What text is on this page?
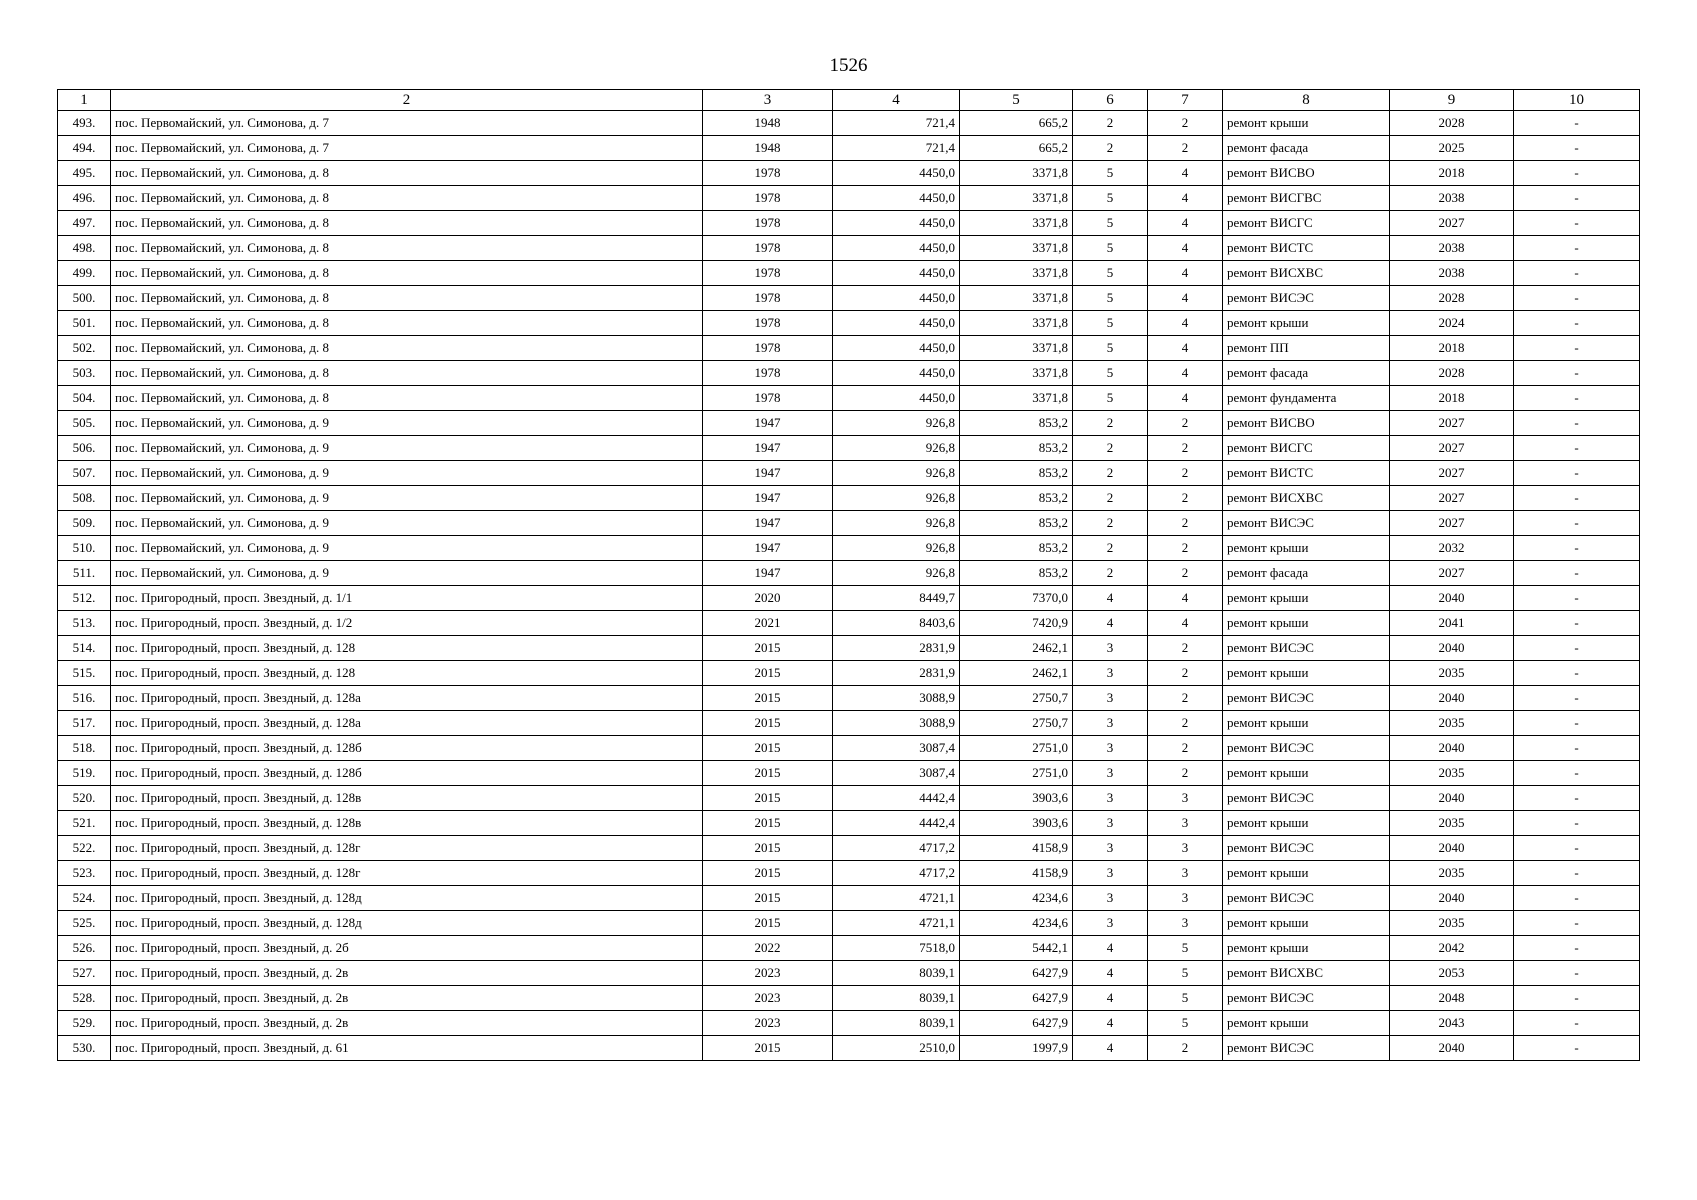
1526
1	2	3	4	5	6	7	8	9	10
493.	пос. Первомайский, ул. Симонова, д. 7	1948	721,4	665,2	2	2	ремонт крыши	2028	-
494.	пос. Первомайский, ул. Симонова, д. 7	1948	721,4	665,2	2	2	ремонт фасада	2025	-
495.	пос. Первомайский, ул. Симонова, д. 8	1978	4450,0	3371,8	5	4	ремонт ВИСВО	2018	-
496.	пос. Первомайский, ул. Симонова, д. 8	1978	4450,0	3371,8	5	4	ремонт ВИСГВС	2038	-
497.	пос. Первомайский, ул. Симонова, д. 8	1978	4450,0	3371,8	5	4	ремонт ВИСГС	2027	-
498.	пос. Первомайский, ул. Симонова, д. 8	1978	4450,0	3371,8	5	4	ремонт ВИСТС	2038	-
499.	пос. Первомайский, ул. Симонова, д. 8	1978	4450,0	3371,8	5	4	ремонт ВИСХВС	2038	-
500.	пос. Первомайский, ул. Симонова, д. 8	1978	4450,0	3371,8	5	4	ремонт ВИСЭС	2028	-
501.	пос. Первомайский, ул. Симонова, д. 8	1978	4450,0	3371,8	5	4	ремонт крыши	2024	-
502.	пос. Первомайский, ул. Симонова, д. 8	1978	4450,0	3371,8	5	4	ремонт ПП	2018	-
503.	пос. Первомайский, ул. Симонова, д. 8	1978	4450,0	3371,8	5	4	ремонт фасада	2028	-
504.	пос. Первомайский, ул. Симонова, д. 8	1978	4450,0	3371,8	5	4	ремонт фундамента	2018	-
505.	пос. Первомайский, ул. Симонова, д. 9	1947	926,8	853,2	2	2	ремонт ВИСВО	2027	-
506.	пос. Первомайский, ул. Симонова, д. 9	1947	926,8	853,2	2	2	ремонт ВИСГС	2027	-
507.	пос. Первомайский, ул. Симонова, д. 9	1947	926,8	853,2	2	2	ремонт ВИСТС	2027	-
508.	пос. Первомайский, ул. Симонова, д. 9	1947	926,8	853,2	2	2	ремонт ВИСХВС	2027	-
509.	пос. Первомайский, ул. Симонова, д. 9	1947	926,8	853,2	2	2	ремонт ВИСЭС	2027	-
510.	пос. Первомайский, ул. Симонова, д. 9	1947	926,8	853,2	2	2	ремонт крыши	2032	-
511.	пос. Первомайский, ул. Симонова, д. 9	1947	926,8	853,2	2	2	ремонт фасада	2027	-
512.	пос. Пригородный, просп. Звездный, д. 1/1	2020	8449,7	7370,0	4	4	ремонт крыши	2040	-
513.	пос. Пригородный, просп. Звездный, д. 1/2	2021	8403,6	7420,9	4	4	ремонт крыши	2041	-
514.	пос. Пригородный, просп. Звездный, д. 128	2015	2831,9	2462,1	3	2	ремонт ВИСЭС	2040	-
515.	пос. Пригородный, просп. Звездный, д. 128	2015	2831,9	2462,1	3	2	ремонт крыши	2035	-
516.	пос. Пригородный, просп. Звездный, д. 128а	2015	3088,9	2750,7	3	2	ремонт ВИСЭС	2040	-
517.	пос. Пригородный, просп. Звездный, д. 128а	2015	3088,9	2750,7	3	2	ремонт крыши	2035	-
518.	пос. Пригородный, просп. Звездный, д. 128б	2015	3087,4	2751,0	3	2	ремонт ВИСЭС	2040	-
519.	пос. Пригородный, просп. Звездный, д. 128б	2015	3087,4	2751,0	3	2	ремонт крыши	2035	-
520.	пос. Пригородный, просп. Звездный, д. 128в	2015	4442,4	3903,6	3	3	ремонт ВИСЭС	2040	-
521.	пос. Пригородный, просп. Звездный, д. 128в	2015	4442,4	3903,6	3	3	ремонт крыши	2035	-
522.	пос. Пригородный, просп. Звездный, д. 128г	2015	4717,2	4158,9	3	3	ремонт ВИСЭС	2040	-
523.	пос. Пригородный, просп. Звездный, д. 128г	2015	4717,2	4158,9	3	3	ремонт крыши	2035	-
524.	пос. Пригородный, просп. Звездный, д. 128д	2015	4721,1	4234,6	3	3	ремонт ВИСЭС	2040	-
525.	пос. Пригородный, просп. Звездный, д. 128д	2015	4721,1	4234,6	3	3	ремонт крыши	2035	-
526.	пос. Пригородный, просп. Звездный, д. 2б	2022	7518,0	5442,1	4	5	ремонт крыши	2042	-
527.	пос. Пригородный, просп. Звездный, д. 2в	2023	8039,1	6427,9	4	5	ремонт ВИСХВС	2053	-
528.	пос. Пригородный, просп. Звездный, д. 2в	2023	8039,1	6427,9	4	5	ремонт ВИСЭС	2048	-
529.	пос. Пригородный, просп. Звездный, д. 2в	2023	8039,1	6427,9	4	5	ремонт крыши	2043	-
530.	пос. Пригородный, просп. Звездный, д. 61	2015	2510,0	1997,9	4	2	ремонт ВИСЭС	2040	-
